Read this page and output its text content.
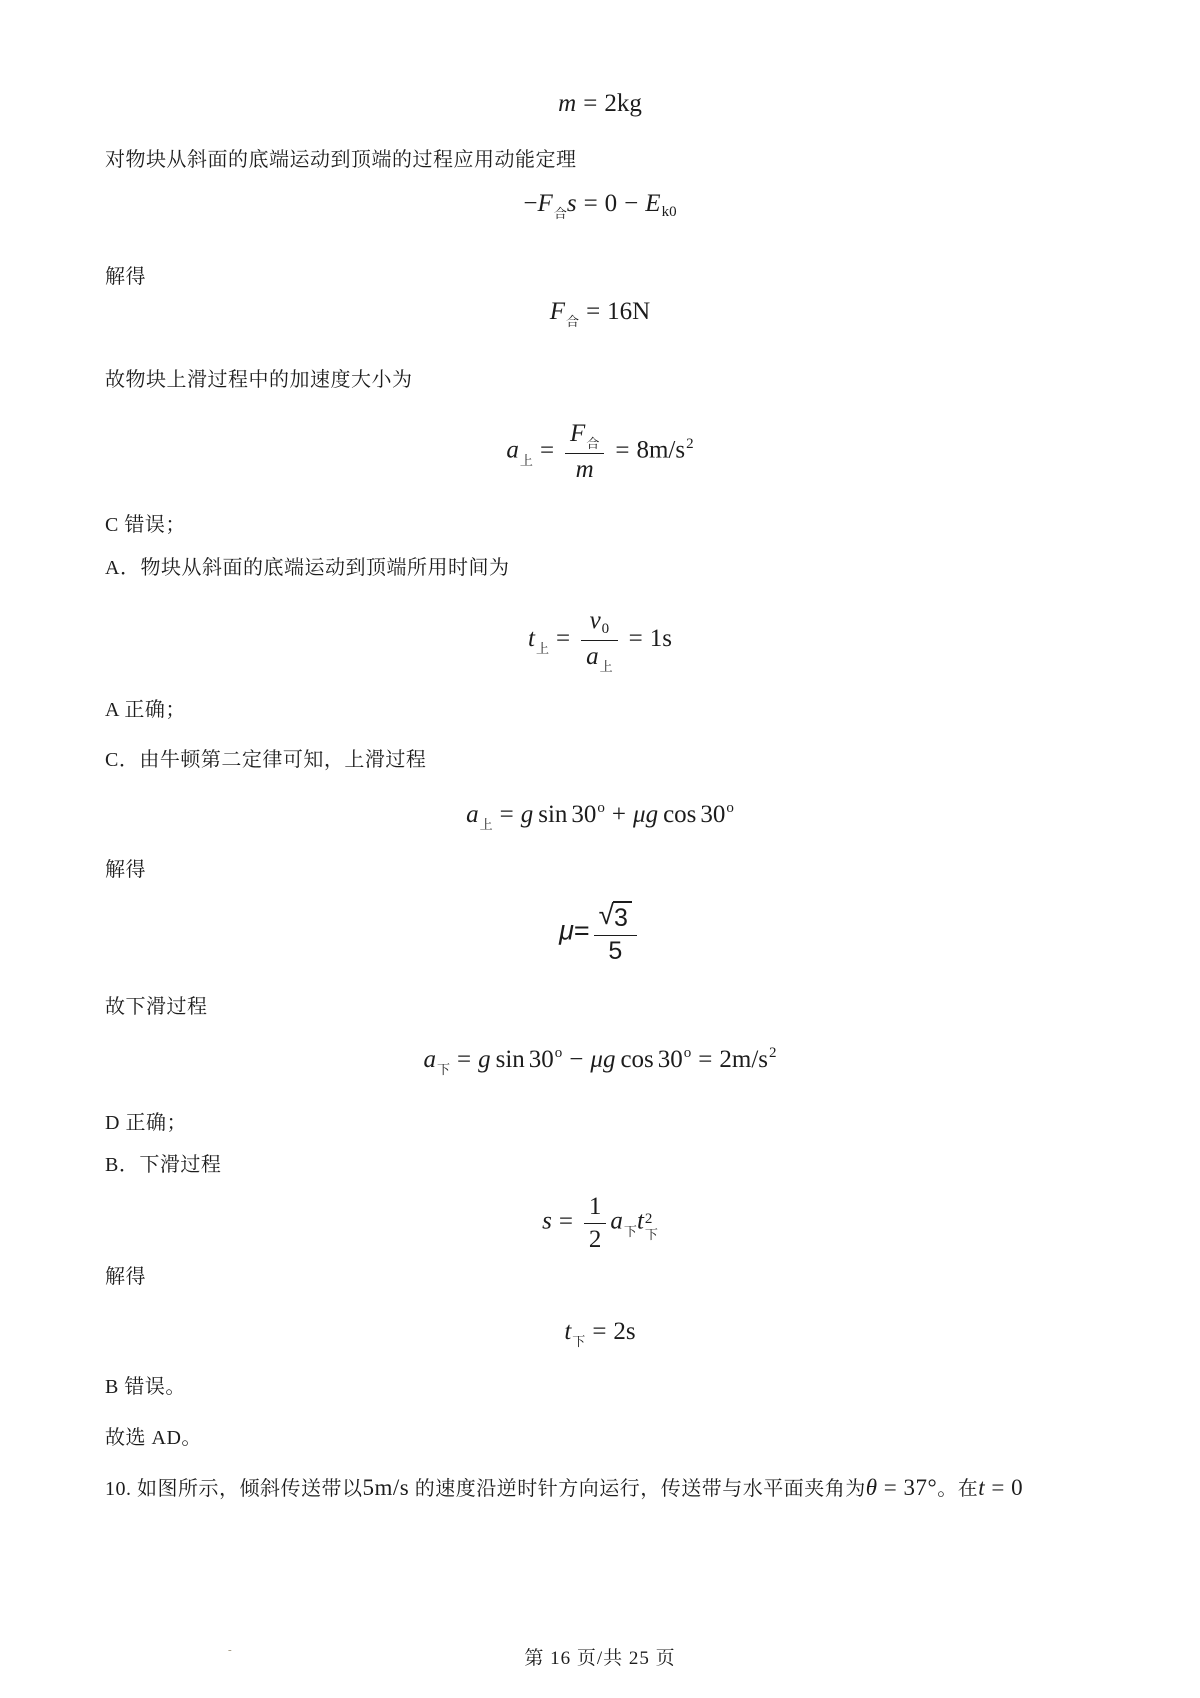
m = 2kg

对物块从斜面的底端运动到顶端的过程应用动能定理

$-F_合s = 0 - E_{k0}$

解得

$F_合 = 16N$

故物块上滑过程中的加速度大小为

$a_上 = \frac{F_合}{m} = 8m/s^2$

C 错误；

A．物块从斜面的底端运动到顶端所用时间为

$t_上 = \frac{v_0}{a_上} = 1s$

A 正确；

C．由牛顿第二定律可知，上滑过程

$a_上 = g$ $\sin 30^o + \mu g$ cos 30$^o$

解得

$\mu= \frac{√ 3}{5}$

故下滑过程

$a_下 = g$ $\sin 30^o - \mu g$ $\cos 30^o = 2m/s^2$

D 正确；

B．下滑过程

$s = \frac{1}{2} a_下t$ 2
下

解得

$t_下 = 2s$

B 错误。

故选 AD。

10. 如图所示，倾斜传送带以5m/s 的速度沿逆时针方向运行，传送带与水平面夹角为θ = 37°。在t = 0

-	第 16 页/共 25 页
